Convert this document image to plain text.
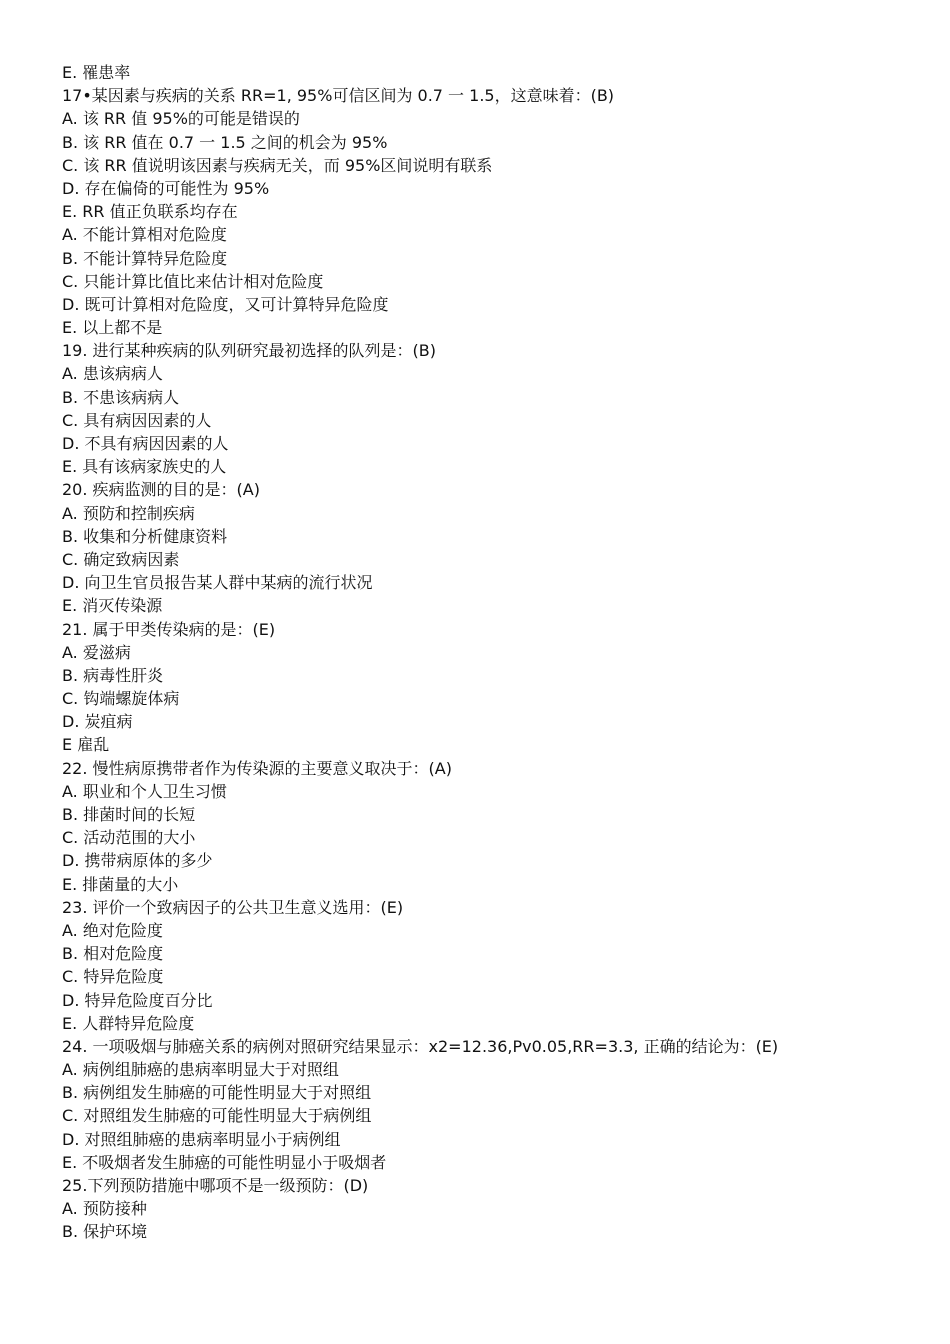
E. 罹患率

17•某因素与疾病的关系 RR=1, 95%可信区间为 0.7 一 1.5，这意味着：(B)

A. 该 RR 值 95%的可能是错误的

B. 该 RR 值在 0.7 一 1.5 之间的机会为 95%

C. 该 RR 值说明该因素与疾病无关，而 95%区间说明有联系

D. 存在偏倚的可能性为 95%

E. RR 值正负联系均存在

A. 不能计算相对危险度

B. 不能计算特异危险度

C. 只能计算比值比来估计相对危险度

D. 既可计算相对危险度，又可计算特异危险度

E. 以上都不是

19. 进行某种疾病的队列研究最初选择的队列是：(B)

A. 患该病病人

B. 不患该病病人

C. 具有病因因素的人

D. 不具有病因因素的人

E. 具有该病家族史的人

20. 疾病监测的目的是：(A)

A. 预防和控制疾病

B. 收集和分析健康资料

C. 确定致病因素

D. 向卫生官员报告某人群中某病的流行状况

E. 消灭传染源

21. 属于甲类传染病的是：(E)

A. 爱滋病

B. 病毒性肝炎

C. 钩端螺旋体病

D. 炭疽病

E 雇乱

22. 慢性病原携带者作为传染源的主要意义取决于：(A)

A. 职业和个人卫生习惯

B. 排菌时间的长短

C. 活动范围的大小

D. 携带病原体的多少

E. 排菌量的大小

23. 评价一个致病因子的公共卫生意义选用：(E)

A. 绝对危险度

B. 相对危险度

C. 特异危险度

D. 特异危险度百分比

E. 人群特异危险度

24. 一项吸烟与肺癌关系的病例对照研究结果显示：x2=12.36,Pv0.05,RR=3.3, 正确的结论为：(E)

A. 病例组肺癌的患病率明显大于对照组

B. 病例组发生肺癌的可能性明显大于对照组

C. 对照组发生肺癌的可能性明显大于病例组

D. 对照组肺癌的患病率明显小于病例组

E. 不吸烟者发生肺癌的可能性明显小于吸烟者

25.下列预防措施中哪项不是一级预防：(D)

A. 预防接种

B. 保护环境
